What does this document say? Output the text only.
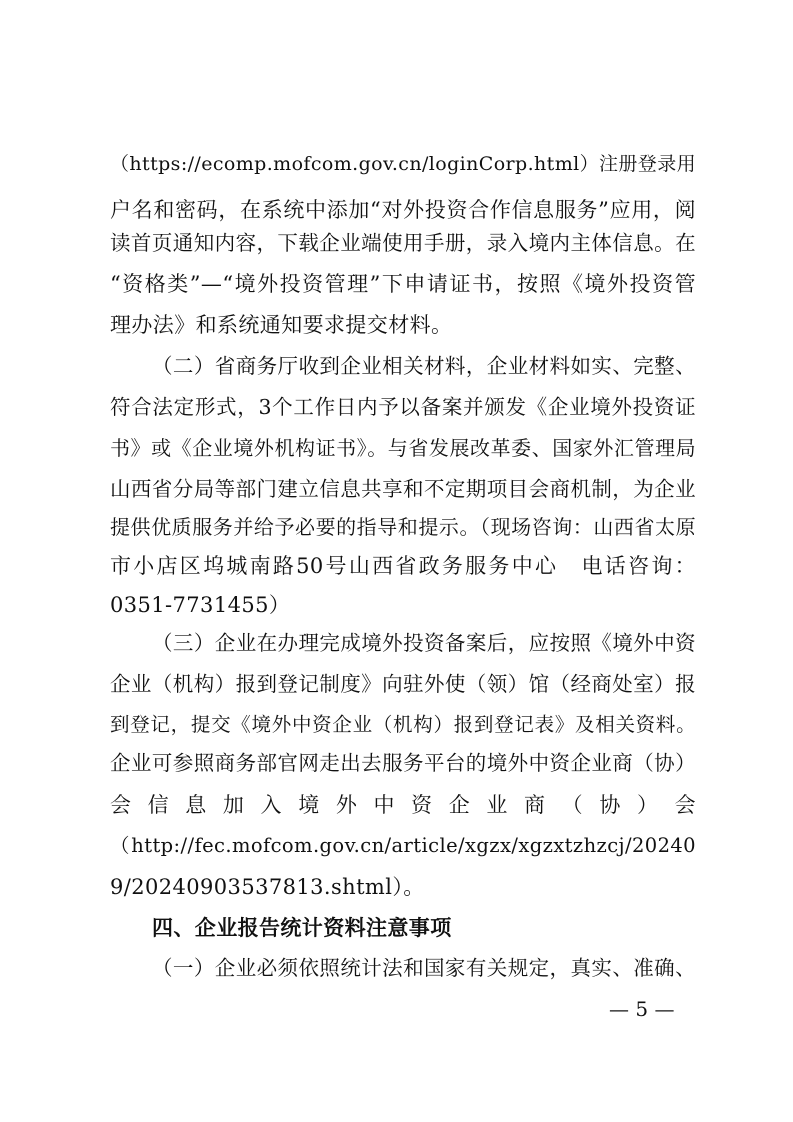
（https://ecomp.mofcom.gov.cn/loginCorp.html）注册登录用
户名和密码，在系统中添加“对外投资合作信息服务”应用，阅
读首页通知内容，下载企业端使用手册，录入境内主体信息。在
“资格类”—“境外投资管理”下申请证书，按照《境外投资管
理办法》和系统通知要求提交材料。
（二）省商务厅收到企业相关材料，企业材料如实、完整、
符合法定形式，3个工作日内予以备案并颁发《企业境外投资证
书》或《企业境外机构证书》。与省发展改革委、国家外汇管理局
山西省分局等部门建立信息共享和不定期项目会商机制，为企业
提供优质服务并给予必要的指导和提示。（现场咨询：山西省太原
市小店区坞城南路50号山西省政务服务中心　电话咨询：
0351-7731455）
（三）企业在办理完成境外投资备案后，应按照《境外中资
企业（机构）报到登记制度》向驻外使（领）馆（经商处室）报
到登记，提交《境外中资企业（机构）报到登记表》及相关资料。
企业可参照商务部官网走出去服务平台的境外中资企业商（协）
会信息加入境外中资企业商（协）会
（http://fec.mofcom.gov.cn/article/xgzx/xgzxtzhzcj/20240
9/20240903537813.shtml）。
四、企业报告统计资料注意事项
（一）企业必须依照统计法和国家有关规定，真实、准确、
— 5 —
